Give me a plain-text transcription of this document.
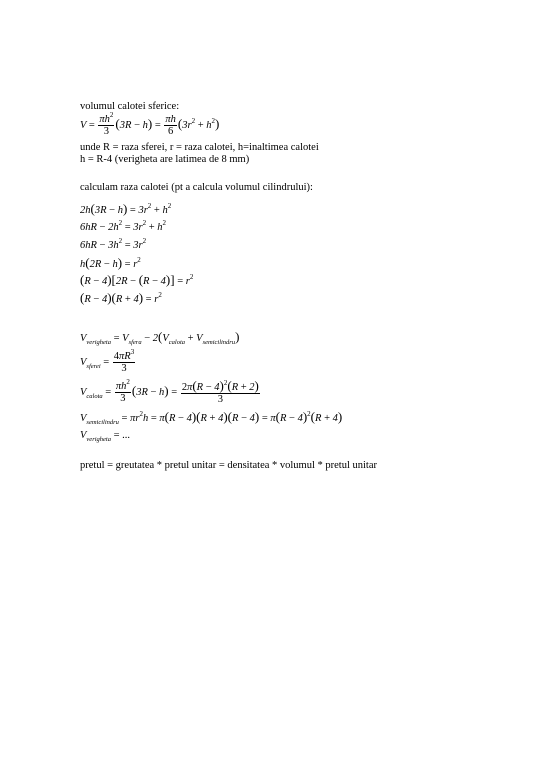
volumul calotei sferice:
$V = \frac{\pi h^2}{3} (3R - h) = \frac{\pi h}{6} (3r^2 + h^2)$
unde R = raza sferei, r = raza calotei, h=inaltimea calotei
h = R-4 (verigheta are latimea de 8 mm)
calculam raza calotei (pt a calcula volumul cilindrului):
$2h(3R - h) = 3r^2 + h^2$
$6hR - 2h^2 = 3r^2 + h^2$
$6hR - 3h^2 = 3r^2$
$h(2R - h) = r^2$
$(R - 4)[2R - (R - 4)] = r^2$
$(R - 4)(R + 4) = r^2$
$V_{verigheta} = V_{sfera} - 2(V_{calota} + V_{semicilindru})$
$V_{sferei} = \frac{4\pi R^3}{3}$
$V_{calota} = \frac{\pi h^2}{3} (3R - h) = \frac{2\pi(R - 4)^2(R + 2)}{3}$
$V_{semicilindru} = \pi r^2h = \pi(R - 4)(R + 4)(R - 4) = \pi(R - 4)^2(R + 4)$
$V_{verigheta}$ = ...
pretul = greutatea * pretul unitar = densitatea * volumul * pretul unitar
